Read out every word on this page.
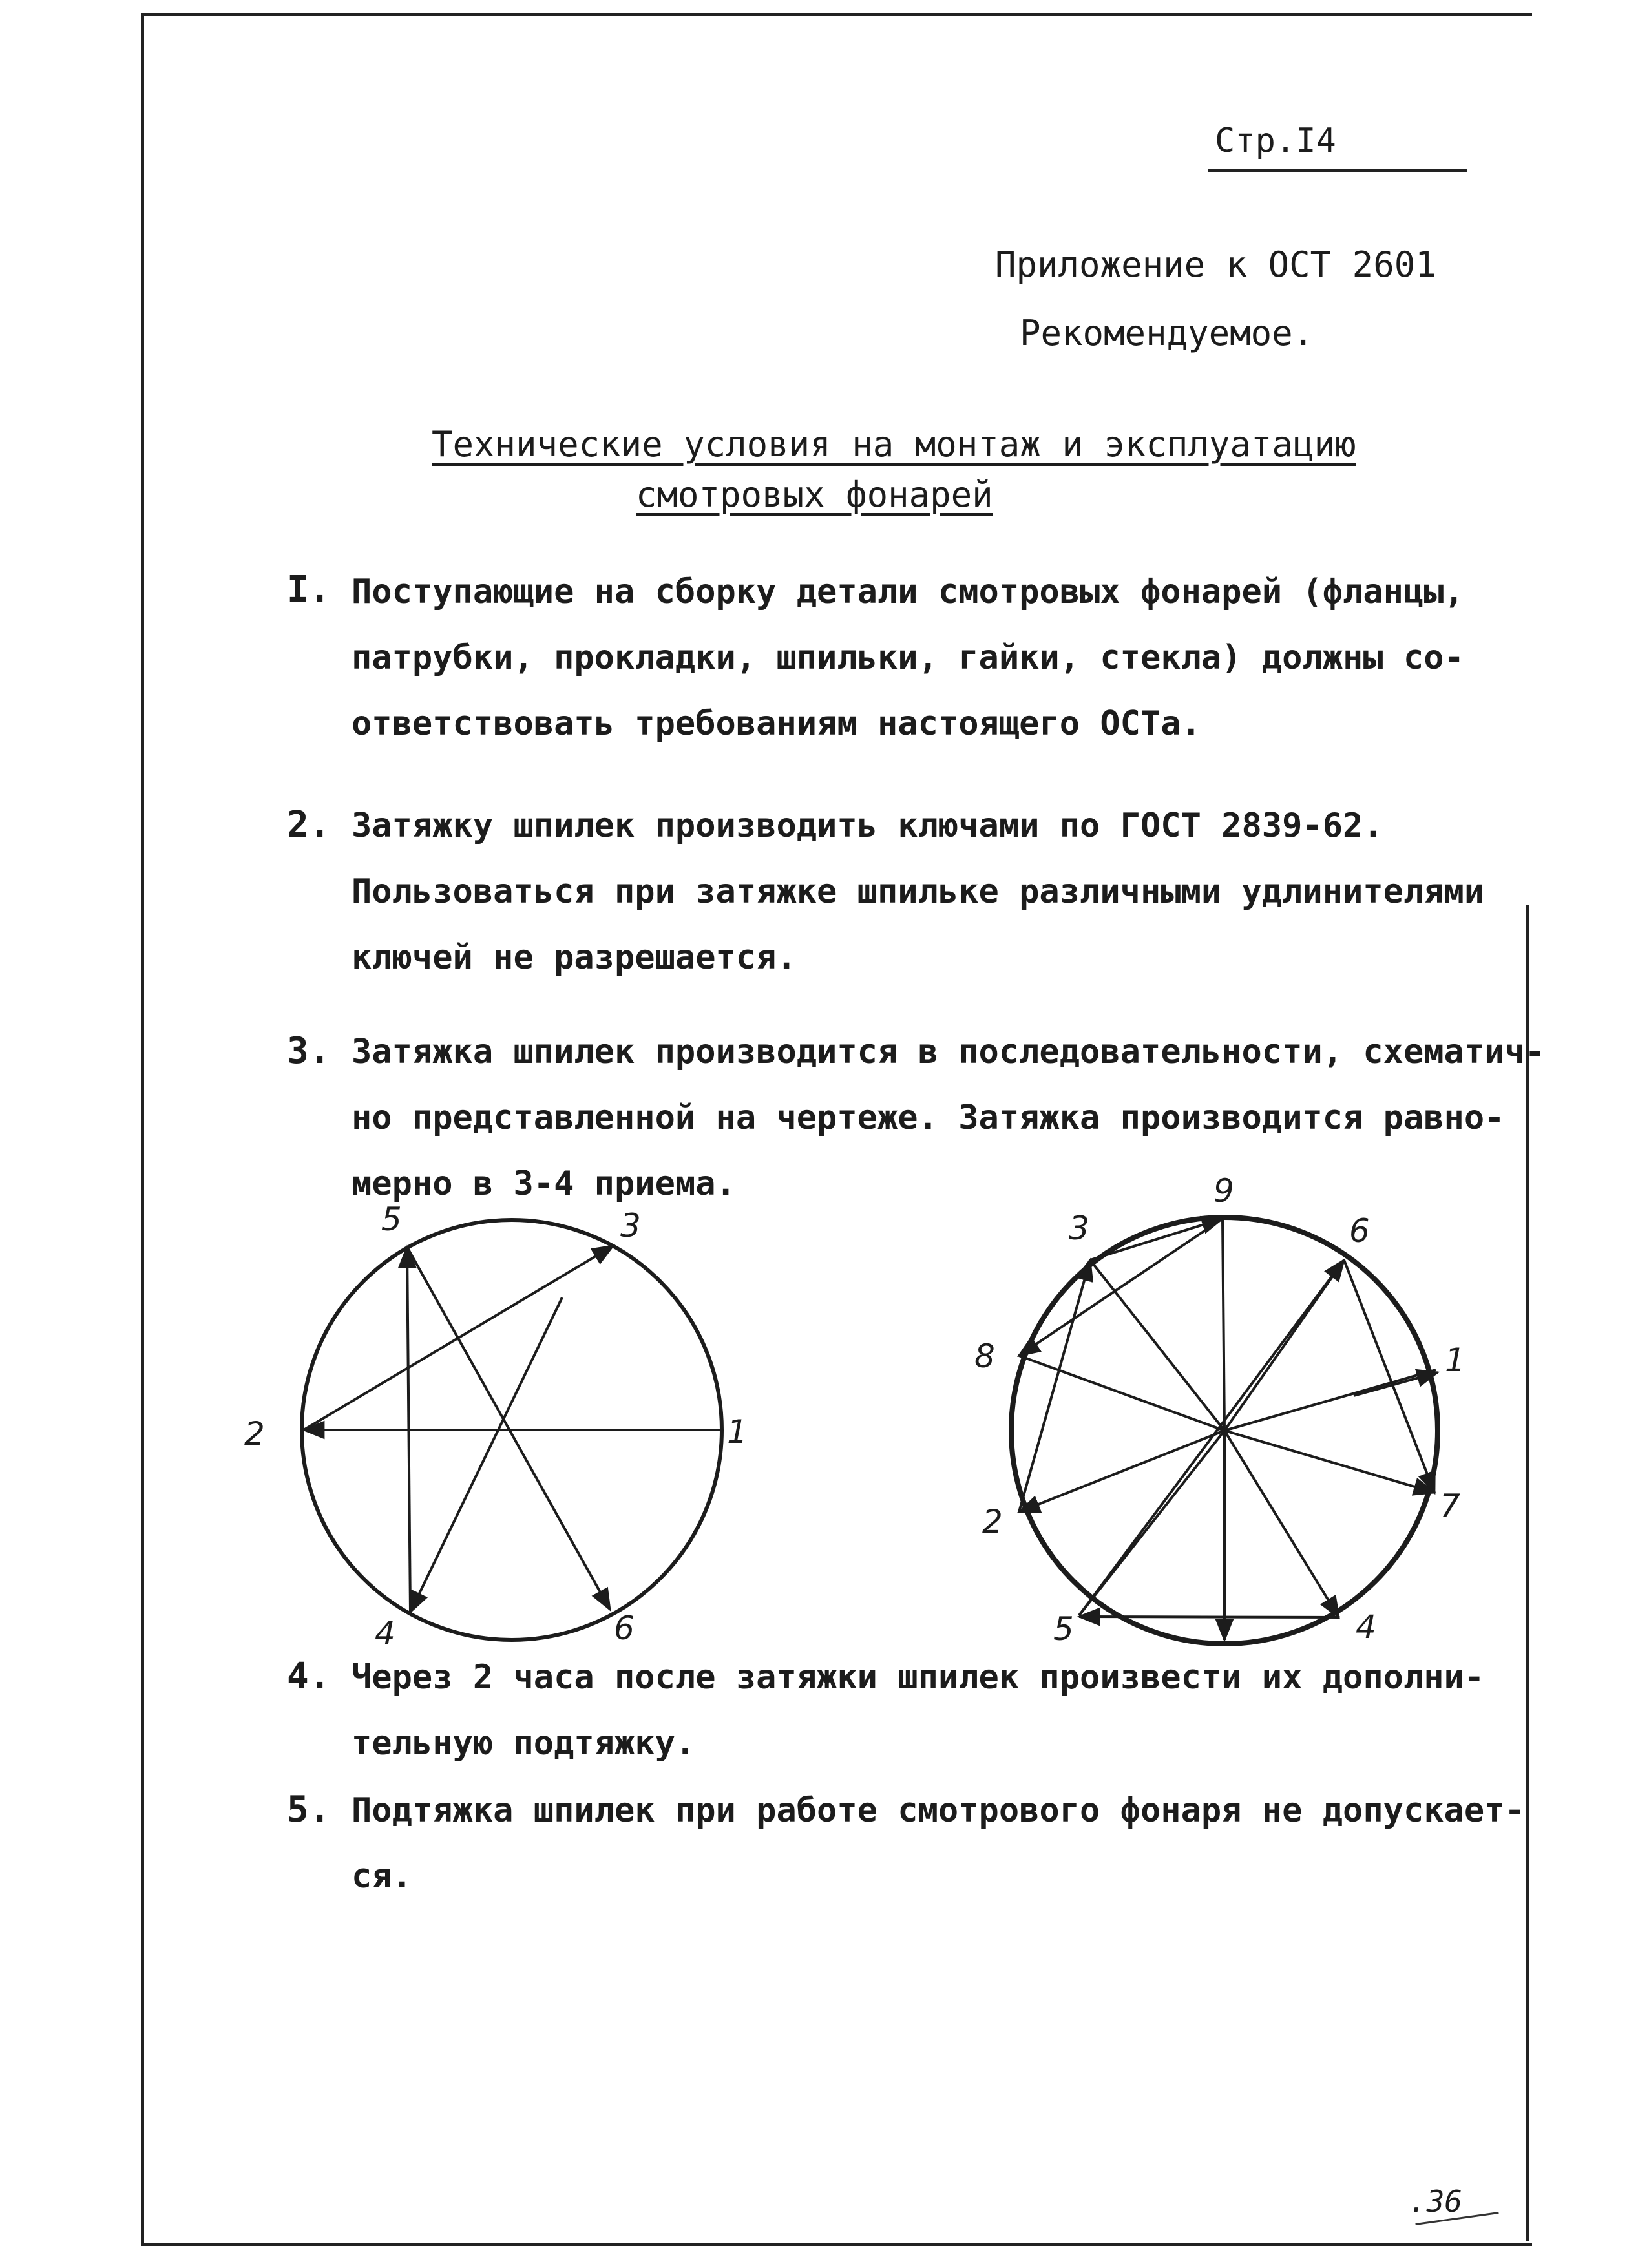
Стр.I4
Приложение к ОСТ 2601
Рекомендуемое.
Технические условия на монтаж и эксплуатацию
смотровых фонарей
I. Поступающие на сборку детали смотровых фонарей (фланцы,
патрубки, прокладки, шпильки, гайки, стекла) должны со-
ответствовать требованиям настоящего ОСТа.
2. Затяжку шпилек производить ключами по ГОСТ 2839-62.
Пользоваться при затяжке шпильке различными удлинителями
ключей не разрешается.
3. Затяжка шпилек производится в последовательности, схематич-
но представленной на чертеже. Затяжка производится равно-
мерно в 3-4 приема.
1
2
3
4
5
6
1
2
3
4
5
6
7
8
9
4. Через 2 часа после затяжки шпилек произвести их дополни-
тельную подтяжку.
5. Подтяжка шпилек при работе смотрового фонаря не допускает-
ся.
.36
